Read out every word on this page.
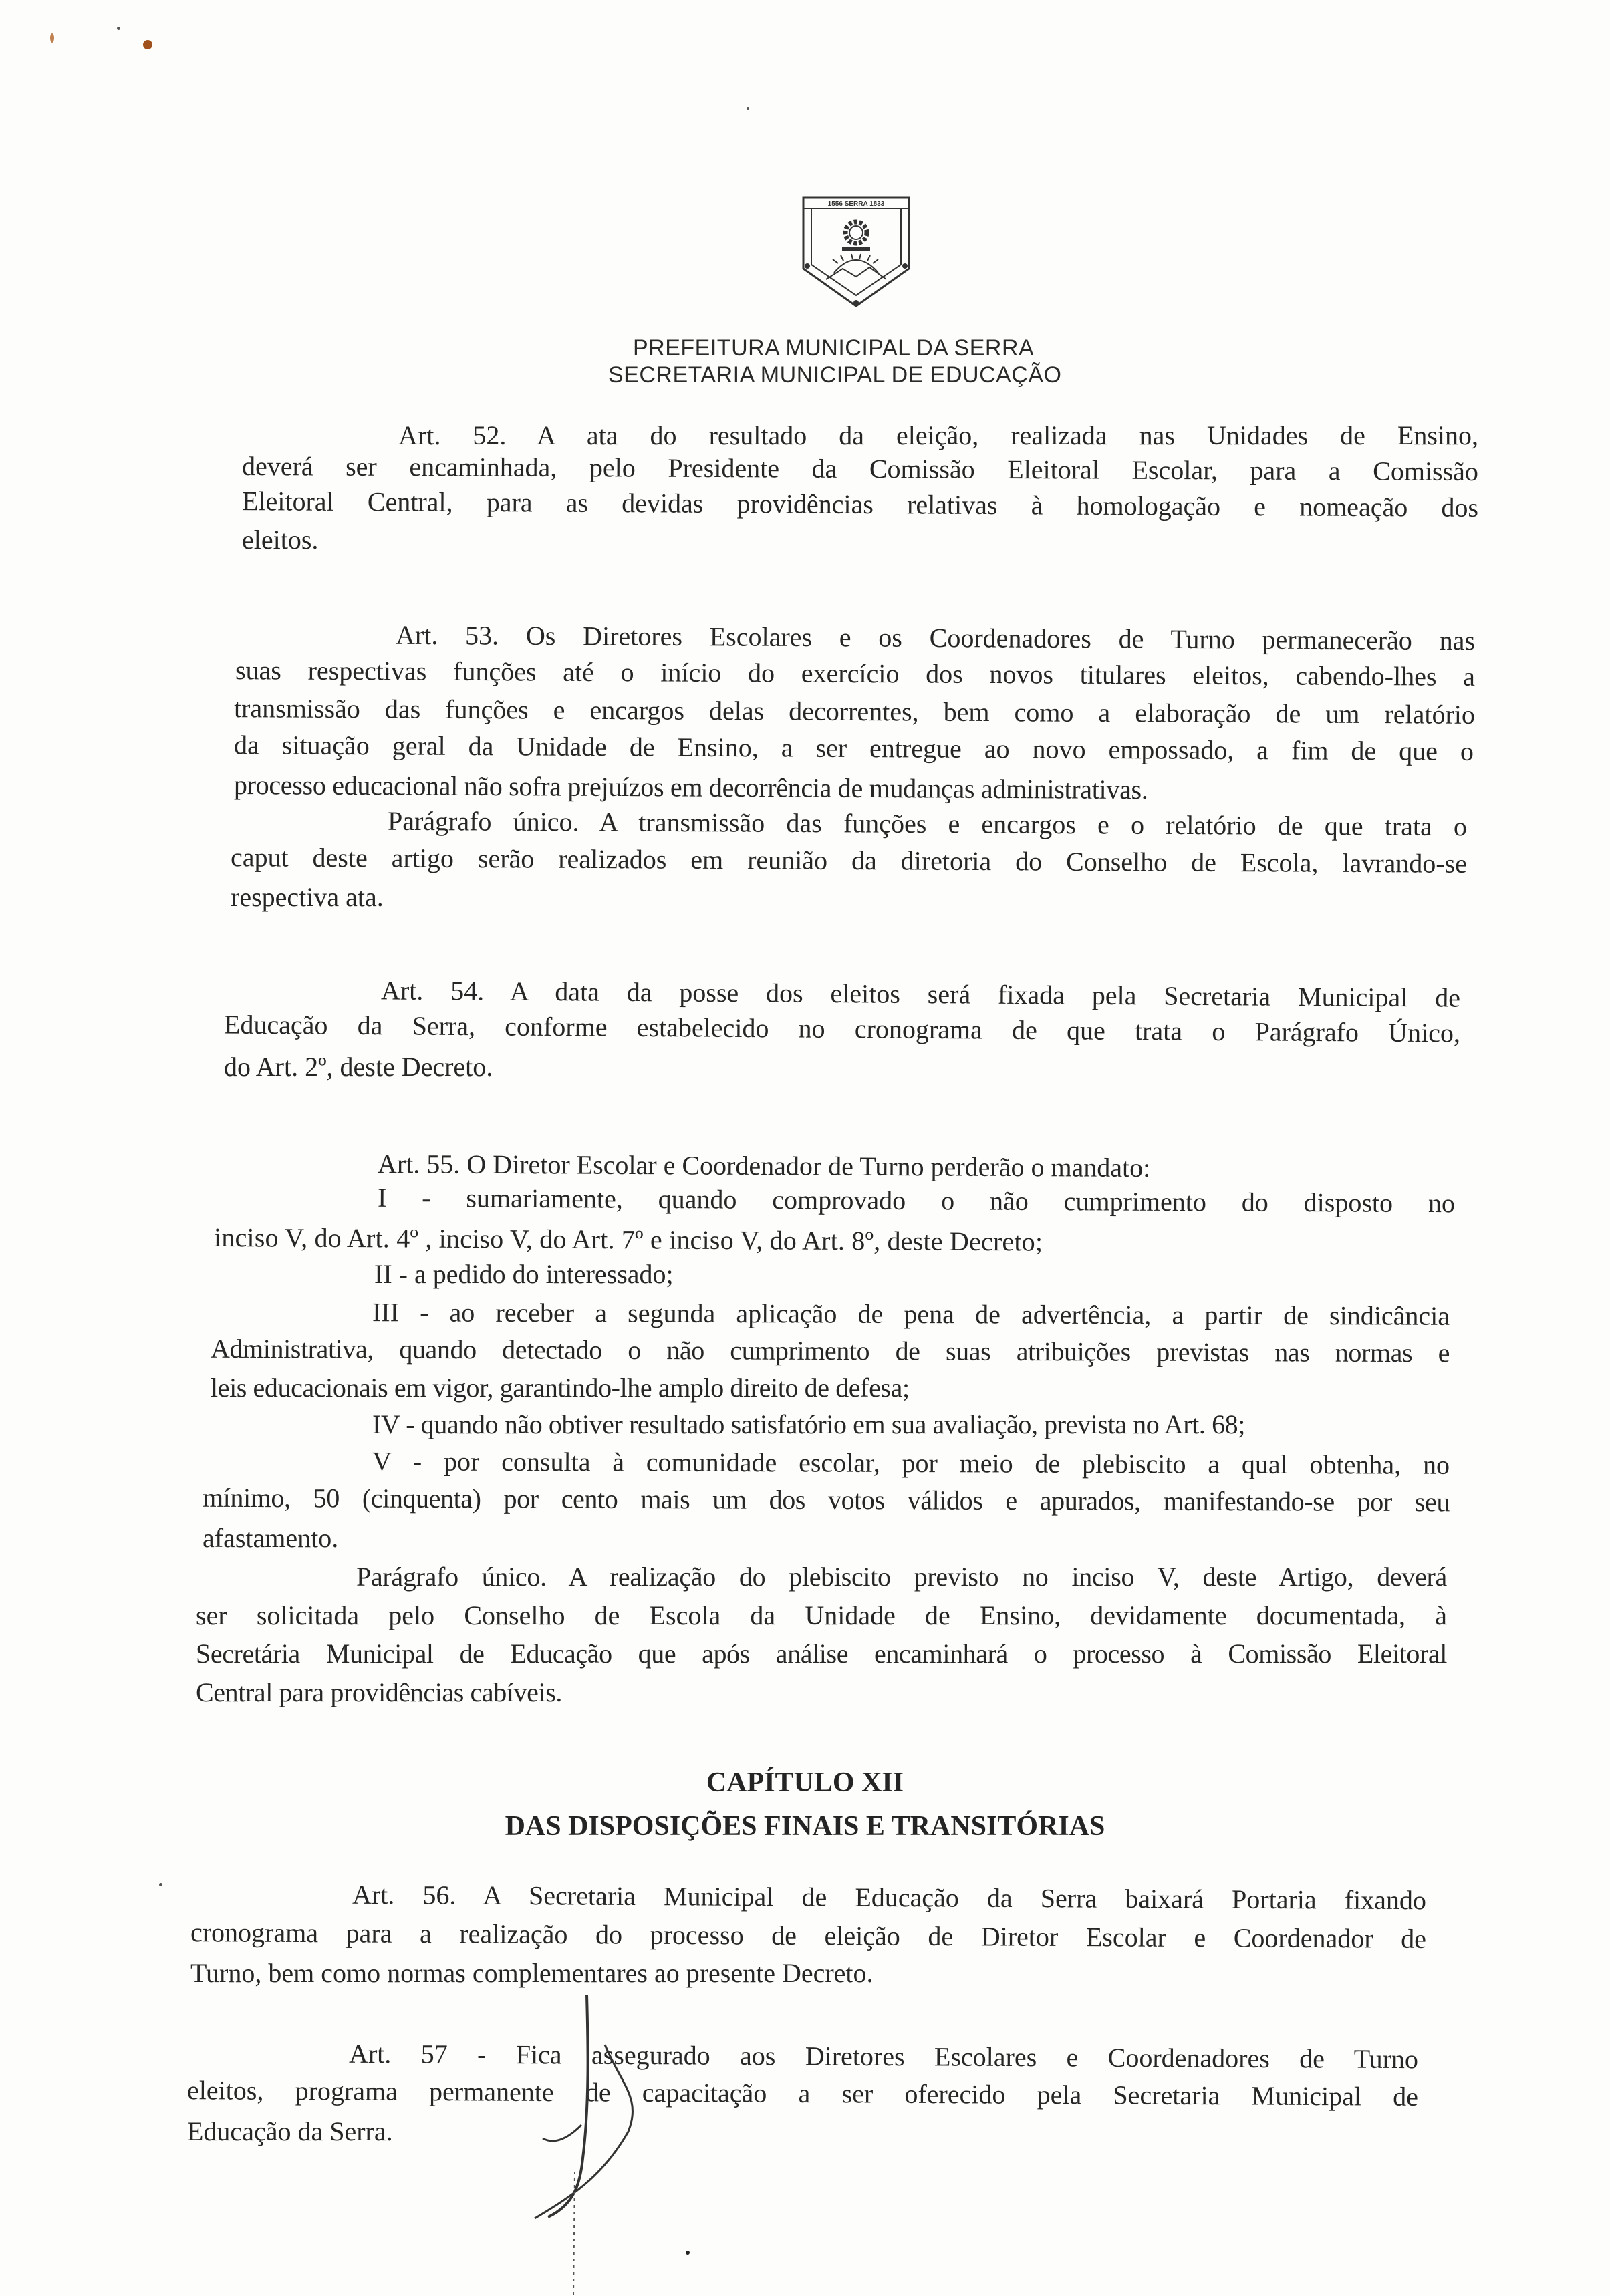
1556 SERRA 1833
PREFEITURA MUNICIPAL DA SERRA
SECRETARIA MUNICIPAL DE EDUCAÇÃO
Art. 52. A ata do resultado da eleição, realizada nas Unidades de Ensino,
deverá ser encaminhada, pelo Presidente da Comissão Eleitoral Escolar, para a Comissão
Eleitoral Central, para as devidas providências relativas à homologação e nomeação dos
eleitos.
Art. 53. Os Diretores Escolares e os Coordenadores de Turno permanecerão nas
suas respectivas funções até o início do exercício dos novos titulares eleitos, cabendo-lhes a
transmissão das funções e encargos delas decorrentes, bem como a elaboração de um relatório
da situação geral da Unidade de Ensino, a ser entregue ao novo empossado, a fim de que o
processo educacional não sofra prejuízos em decorrência de mudanças administrativas.
Parágrafo único. A transmissão das funções e encargos e o relatório de que trata o
caput deste artigo serão realizados em reunião da diretoria do Conselho de Escola, lavrando-se
respectiva ata.
Art. 54. A data da posse dos eleitos será fixada pela Secretaria Municipal de
Educação da Serra, conforme estabelecido no cronograma de que trata o Parágrafo Único,
do Art. 2º, deste Decreto.
Art. 55. O Diretor Escolar e Coordenador de Turno perderão o mandato:
I - sumariamente, quando comprovado o não cumprimento do disposto no
inciso V, do Art. 4º , inciso V, do Art. 7º e inciso V, do Art. 8º, deste Decreto;
II - a pedido do interessado;
III - ao receber a segunda aplicação de pena de advertência, a partir de sindicância
Administrativa, quando detectado o não cumprimento de suas atribuições previstas nas normas e
leis educacionais em vigor, garantindo-lhe amplo direito de defesa;
IV - quando não obtiver resultado satisfatório em sua avaliação, prevista no Art. 68;
V - por consulta à comunidade escolar, por meio de plebiscito a qual obtenha, no
mínimo, 50 (cinquenta) por cento mais um dos votos válidos e apurados, manifestando-se por seu
afastamento.
Parágrafo único. A realização do plebiscito previsto no inciso V, deste Artigo, deverá
ser solicitada pelo Conselho de Escola da Unidade de Ensino, devidamente documentada, à
Secretária Municipal de Educação que após análise encaminhará o processo à Comissão Eleitoral
Central para providências cabíveis.
CAPÍTULO XII
DAS DISPOSIÇÕES FINAIS E TRANSITÓRIAS
Art. 56. A Secretaria Municipal de Educação da Serra baixará Portaria fixando
cronograma para a realização do processo de eleição de Diretor Escolar e Coordenador de
Turno, bem como normas complementares ao presente Decreto.
Art. 57 - Fica assegurado aos Diretores Escolares e Coordenadores de Turno
eleitos, programa permanente de capacitação a ser oferecido pela Secretaria Municipal de
Educação da Serra.
